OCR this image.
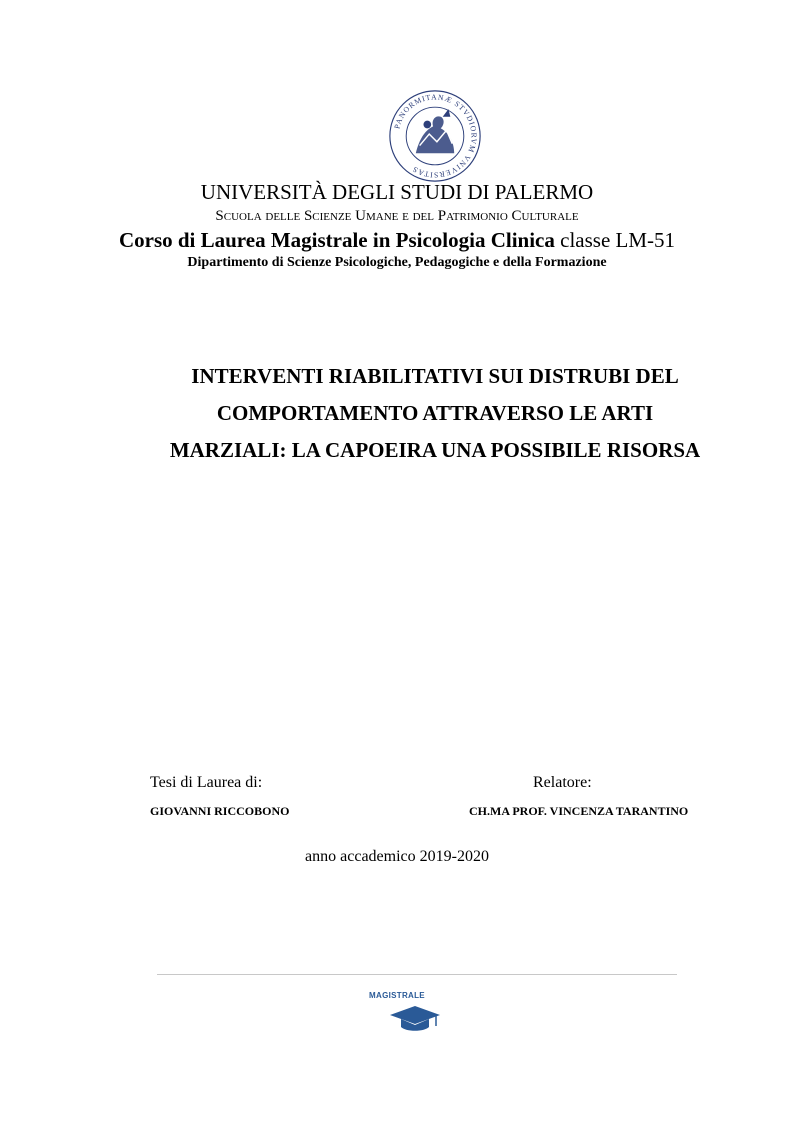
PANORMITANÆ STVDIORVM VNIVERSITAS
UNIVERSITÀ DEGLI STUDI DI PALERMO
Scuola delle Scienze Umane e del Patrimonio Culturale
Corso di Laurea Magistrale in Psicologia Clinica classe LM-51
Dipartimento di Scienze Psicologiche, Pedagogiche e della Formazione
INTERVENTI RIABILITATIVI SUI DISTRUBI DEL
COMPORTAMENTO ATTRAVERSO LE ARTI
MARZIALI: LA CAPOEIRA UNA POSSIBILE RISORSA
Tesi di Laurea di:
GIOVANNI RICCOBONO
Relatore:
CH.MA PROF. VINCENZA TARANTINO
anno accademico 2019-2020
MAGISTRALE
